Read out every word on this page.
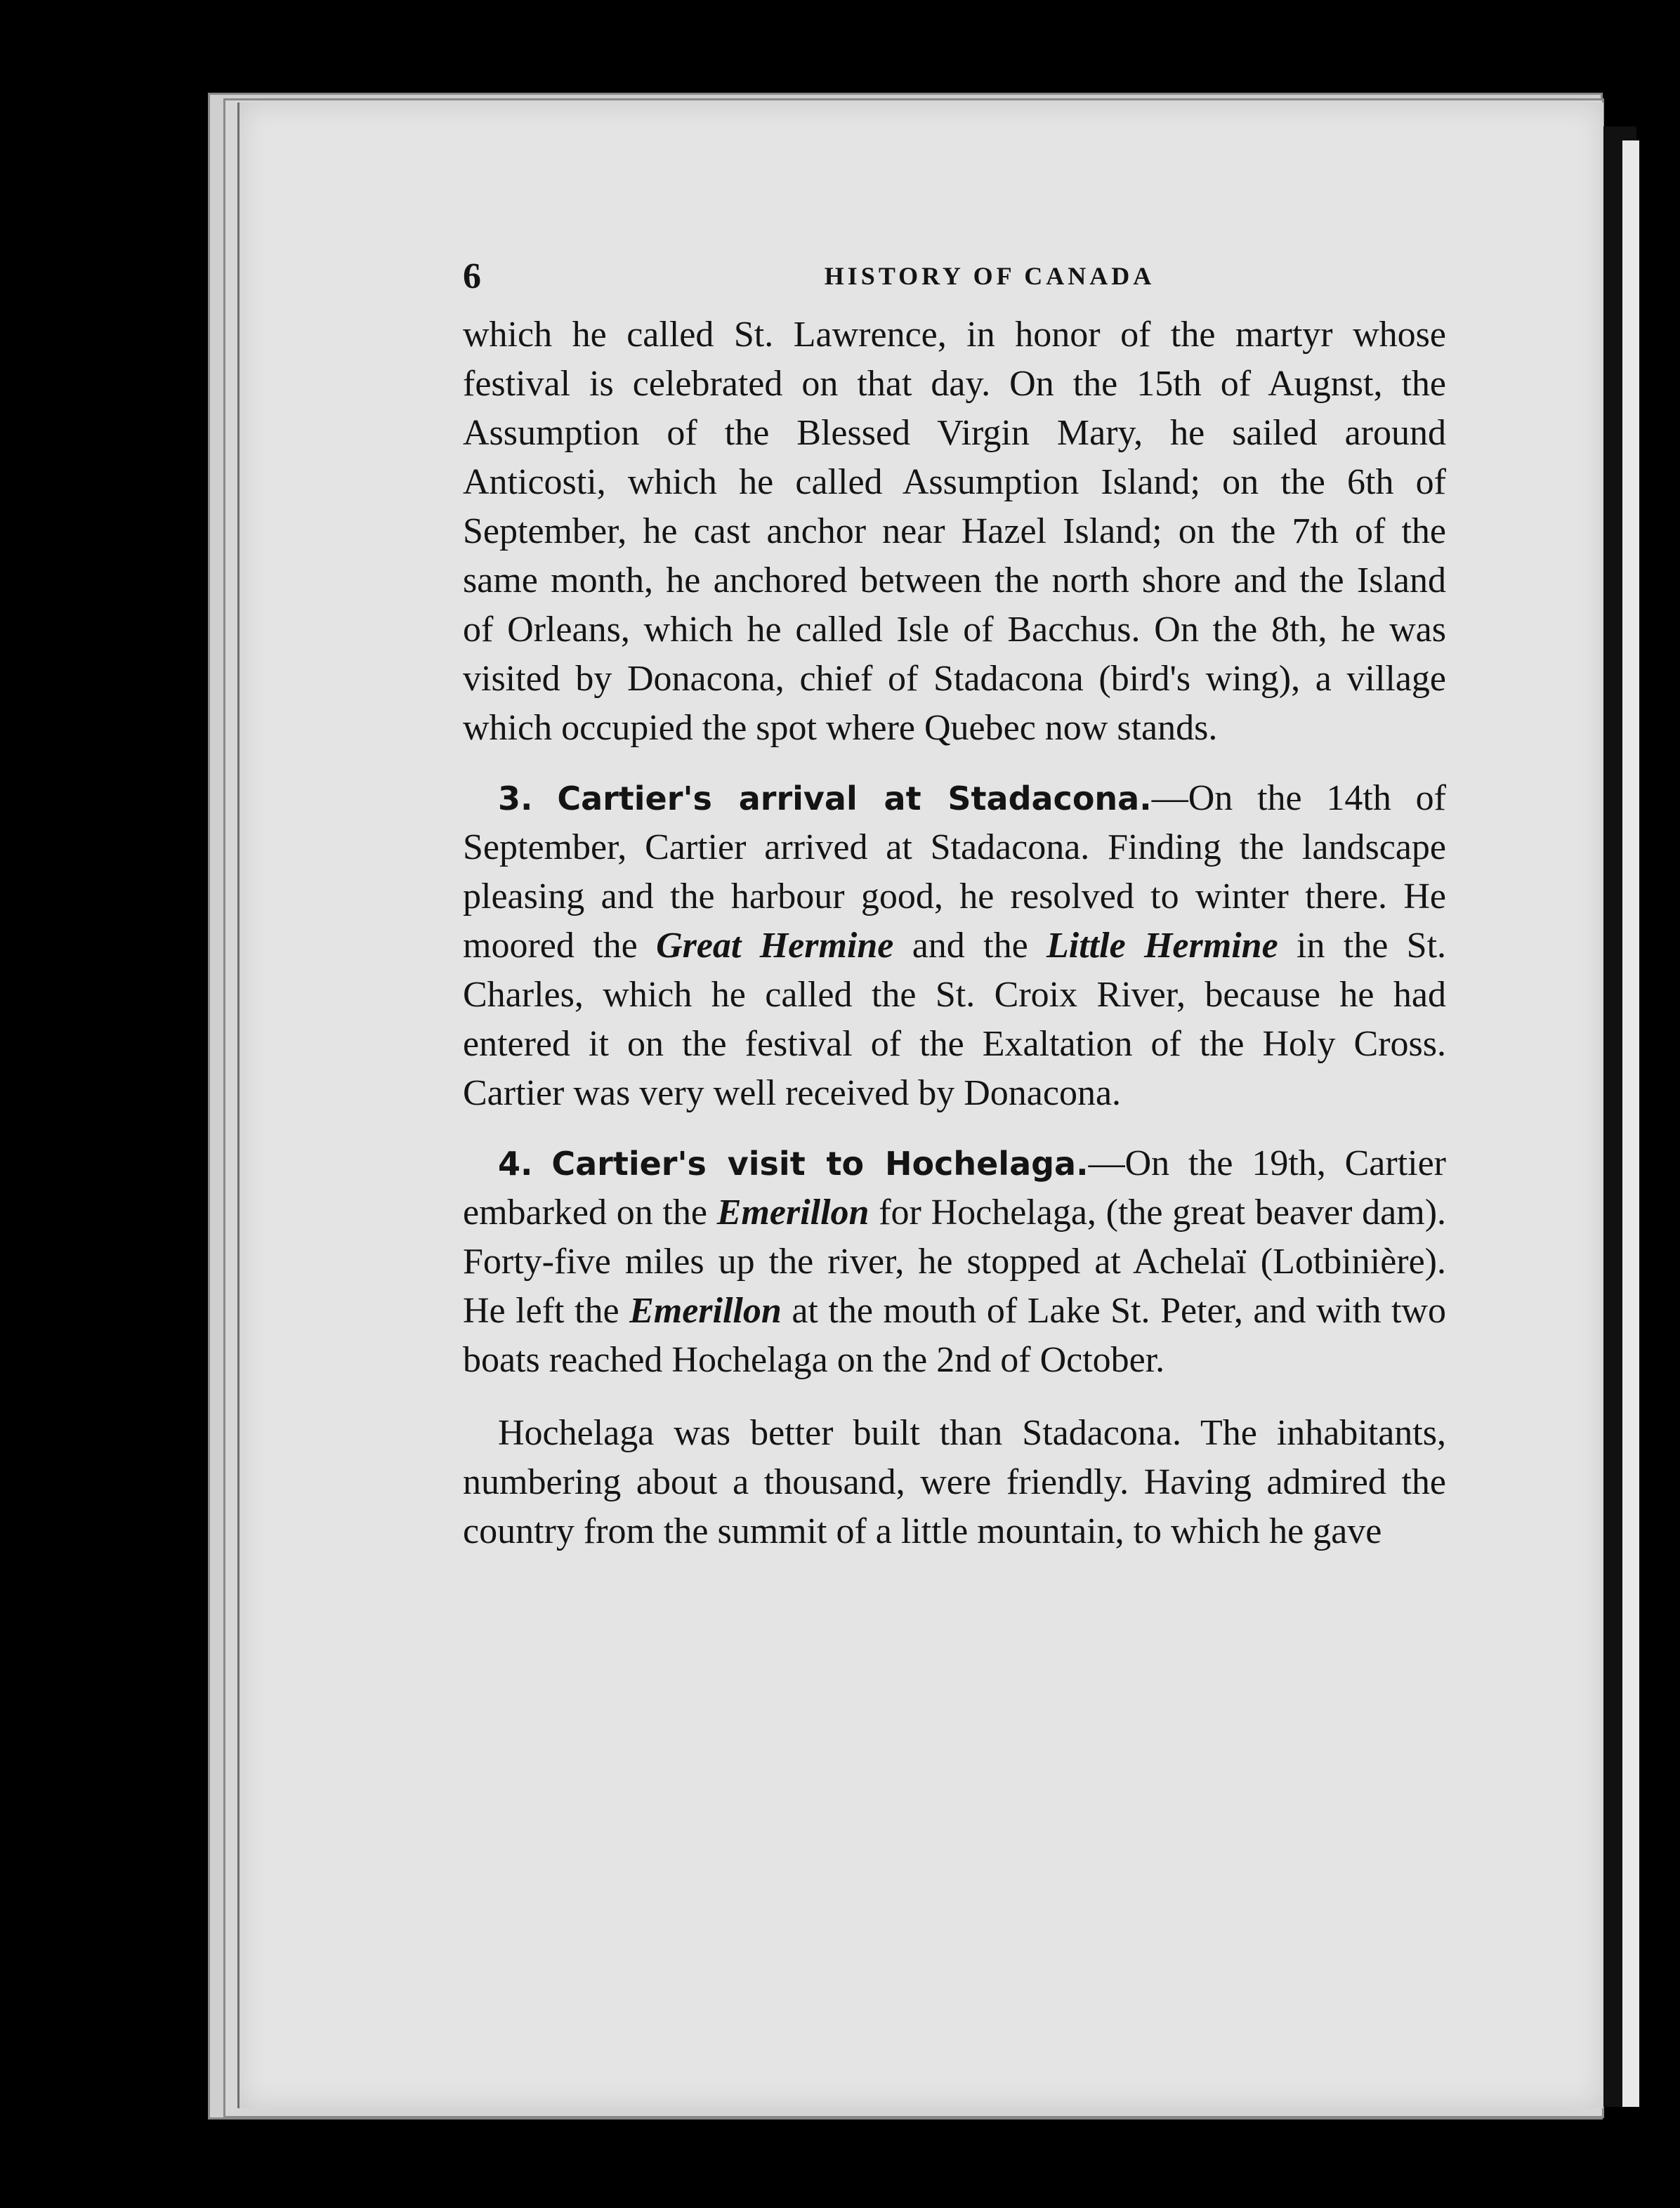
6	HISTORY OF CANADA

which he called St. Lawrence, in honor of the martyr whose festival is celebrated on that day. On the 15th of Augnst, the Assumption of the Blessed Virgin Mary, he sailed around Anticosti, which he called Assumption Island; on the 6th of September, he cast anchor near Hazel Island; on the 7th of the same month, he anchored between the north shore and the Island of Orleans, which he called Isle of Bacchus. On the 8th, he was visited by Donacona, chief of Stadacona (bird's wing), a village which occupied the spot where Quebec now stands.

3. Cartier's arrival at Stadacona.—On the 14th of September, Cartier arrived at Stadacona. Finding the landscape pleasing and the harbour good, he resolved to winter there. He moored the Great Hermine and the Little Hermine in the St. Charles, which he called the St. Croix River, because he had entered it on the festival of the Exaltation of the Holy Cross. Cartier was very well received by Donacona.

4. Cartier's visit to Hochelaga.—On the 19th, Cartier embarked on the Emerillon for Hochelaga, (the great beaver dam). Forty-five miles up the river, he stopped at Achelaï (Lotbinière). He left the Emerillon at the mouth of Lake St. Peter, and with two boats reached Hochelaga on the 2nd of October.

Hochelaga was better built than Stadacona. The inhabitants, numbering about a thousand, were friendly. Having admired the country from the summit of a little mountain, to which he gave
